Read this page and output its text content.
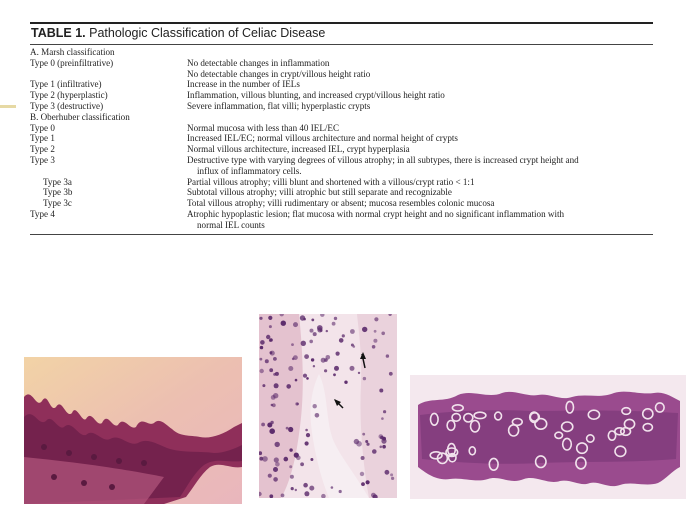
TABLE 1. Pathologic Classification of Celiac Disease
A. Marsh classification
Type 0 (preinfiltrative)	No detectable changes in inflammation
No detectable changes in crypt/villous height ratio
Type 1 (infiltrative)	Increase in the number of IELs
Type 2 (hyperplastic)	Inflammation, villous blunting, and increased crypt/villous height ratio
Type 3 (destructive)	Severe inflammation, flat villi; hyperplastic crypts
B. Oberhuber classification
Type 0	Normal mucosa with less than 40 IEL/EC
Type 1	Increased IEL/EC; normal villous architecture and normal height of crypts
Type 2	Normal villous architecture, increased IEL, crypt hyperplasia
Type 3	Destructive type with varying degrees of villous atrophy; in all subtypes, there is increased crypt height and
influx of inflammatory cells.
Type 3a	Partial villous atrophy; villi blunt and shortened with a villous/crypt ratio < 1:1
Type 3b	Subtotal villous atrophy; villi atrophic but still separate and recognizable
Type 3c	Total villous atrophy; villi rudimentary or absent; mucosa resembles colonic mucosa
Type 4	Atrophic hypoplastic lesion; flat mucosa with normal crypt height and no significant inflammation with
normal IEL counts
